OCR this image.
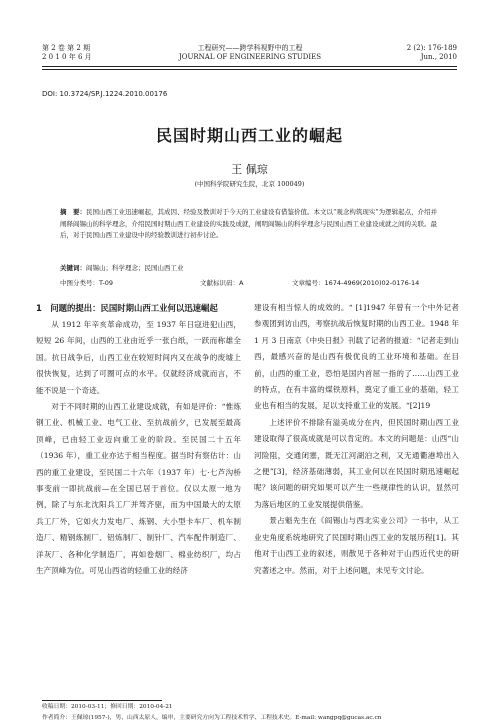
第 2 卷 第 2 期
2 0 1 0 年 6 月
工程研究——跨学科视野中的工程
JOURNAL OF ENGINEERING STUDIES
2 (2): 176-189
Jun., 2010
DOI: 10.3724/SP.J.1224.2010.00176
民国时期山西工业的崛起
王 佩琼
(中国科学院研究生院，北京 100049)
摘　要：民国山西工业迅速崛起，其成因、经验及教训对于今天的工业建设有借鉴价值。本文以“观念构筑现实”为逻辑起点，介绍并阐释阎锡山的科学理念，介绍民国时期山西工业建设的实践及成就，阐明阎锡山的科学理念与民国山西工业建设成就之间的关联。最后，对于民国山西工业建设中的经验教训进行初步讨论。
关键词：阎锡山；科学理念；民国山西工业
中图分类号：T-09	文献标识码：A	文章编号：1674-4969(2010)02-0176-14
1　问题的提出：民国时期山西工业何以迅速崛起

从 1912 年辛亥革命成功，至 1937 年日寇进犯山西，短短 26 年间，山西的工业由近乎一张白纸，一跃而称雄全国。抗日战争后，山西工业在较短时间内又在战争的废墟上很快恢复，达到了可圈可点的水平。仅就经济成就而言，不能不说是一个奇迹。

对于不同时期的山西工业建设成就，有如是评价：“惟炼钢工业、机械工业、电气工业、至抗战前夕，已发展至最高顶峰，已由轻工业迈向重工业的阶段。至民国二十五年（1936 年），重工业亦达于相当程度。据当时有察估计：山西的重工业建设，至民国二十六年（1937 年）七·七芦沟桥事变前一即抗战前—在全国已居于首位。仅以太原一地为例，除了与东北沈阳兵工厂并驾齐驱，而为中国最大的太原兵工厂外，它如火力发电厂、炼钢、大小型卡车厂、机车制造厂、精钢炼制厂、铝炼制厂、制针厂、汽车配件制造厂、洋灰厂、各种化学制造厂，再如卷烟厂、棉业纺织厂，均占生产顶峰为位。可见山西省的轻重工业的经济

建设有相当惊人的成效的。“ [1]1947 年曾有一个中外记者参观团到访山西，考察抗战后恢复时期的山西工业。1948 年 1 月 3 日南京《中央日报》刊载了记者的报道：“记者走到山西，最感兴奋的是山西有极优良的工业环境和基础。在目前，山西的重工业，恐怕是国内首屈一指的了……山西工业的特点，在有丰富的煤铁原料，奠定了重工业的基础，轻工业也有相当的发展，足以支持重工业的发展。“[2]19

上述评价不排除有溢美成分在内，但民国时期山西工业建设取得了很高成就是可以肯定的。本文的问题是：山西“山河险阻，交通闭塞，既无江河湖泊之利，又无通衢港埠出入之便”[3]，经济基础薄弱，其工业何以在民国时期迅速崛起呢？该问题的研究如果可以产生一些规律性的认识，显然可为落后地区的工业发展提供借鉴。

景占魁先生在《阎锡山与西北实业公司》一书中，从工业史角度系统地研究了民国时期山西工业的发展历程[1]。其他对于山西工业的叙述，则散见于各种对于山西近代史的研究著述之中。然而，对于上述问题，未见专文讨论。

收稿日期：2010-03-11；修回日期：2010-04-21
作者简介：王佩琼(1957-)，男，山西太原人，编审，主要研究方向为工程技术哲学、工程技术史。E-mail: wangpq@gucas.ac.cn
